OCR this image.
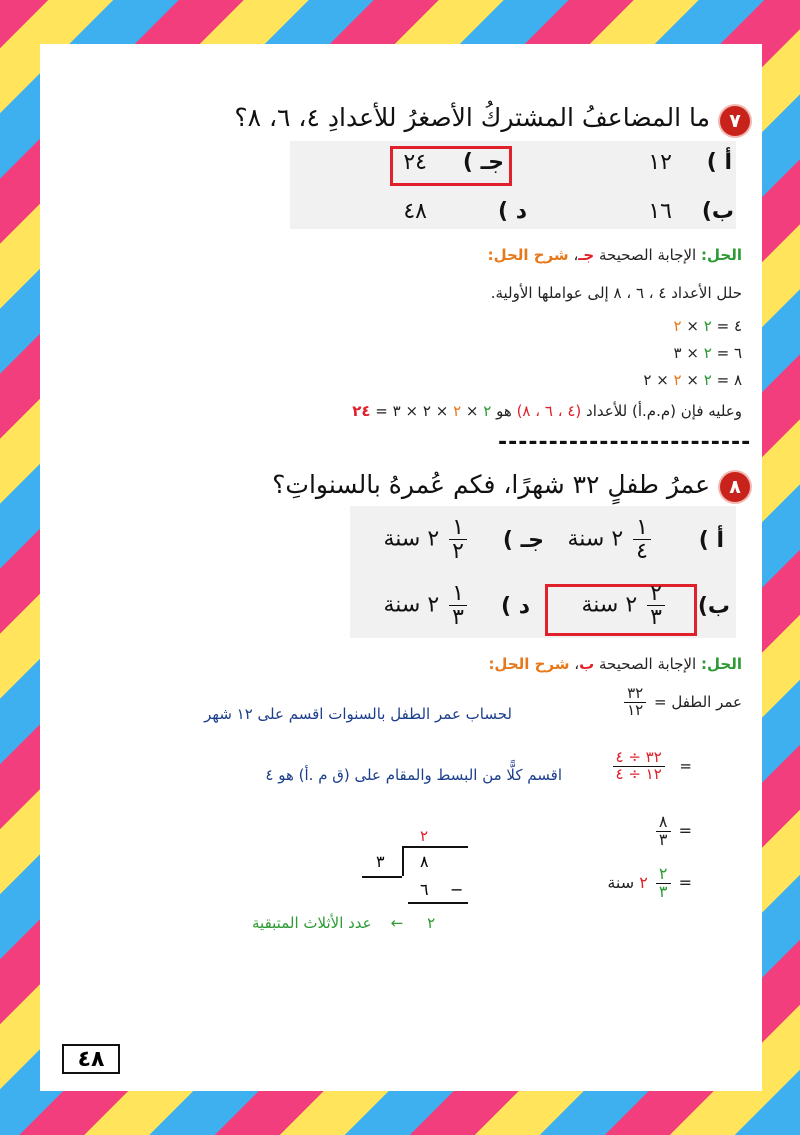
٧
ما المضاعفُ المشتركُ الأصغرُ للأعدادِ ٤، ٦، ٨؟
أ )
١٢
جـ )
٢٤
ب)
١٦
د )
٤٨
الحل: الإجابة الصحيحة جـ، شرح الحل:
حلل الأعداد ٤ ، ٦ ، ٨ إلى عواملها الأولية.
٤ = ٢ × ٢
٦ = ٢ × ٣
٨ = ٢ × ٢ × ٢
وعليه فإن (م.م.أ) للأعداد (٤ ، ٦ ، ٨) هو ٢ × ٢ × ٢ × ٣ = ٢٤
-------------------------
٨
عمرُ طفلٍ ٣٢ شهرًا، فكم عُمرهُ بالسنواتِ؟
أ )
$\frac{١}{٤}$
٢ سنة
جـ )
$\frac{١}{٢}$
٢ سنة
ب)
$\frac{٢}{٣}$
٢ سنة
د )
$\frac{١}{٣}$
٢ سنة
الحل: الإجابة الصحيحة ب، شرح الحل:
عمر الطفل =
$\frac{٣٢}{١٢}$
لحساب عمر الطفل بالسنوات اقسم على ١٢ شهر
=
$\frac{٣٢ \div ٤}{١٢ \div ٤}$
اقسم كلًّا من البسط والمقام على (ق م .أ) هو ٤
=
$\frac{٨}{٣}$
=
$\frac{٢}{٣}$
٢ سنة
٢
٣ ٨
٦ −
٢     ←    عدد الأثلاث المتبقية
٤٨
